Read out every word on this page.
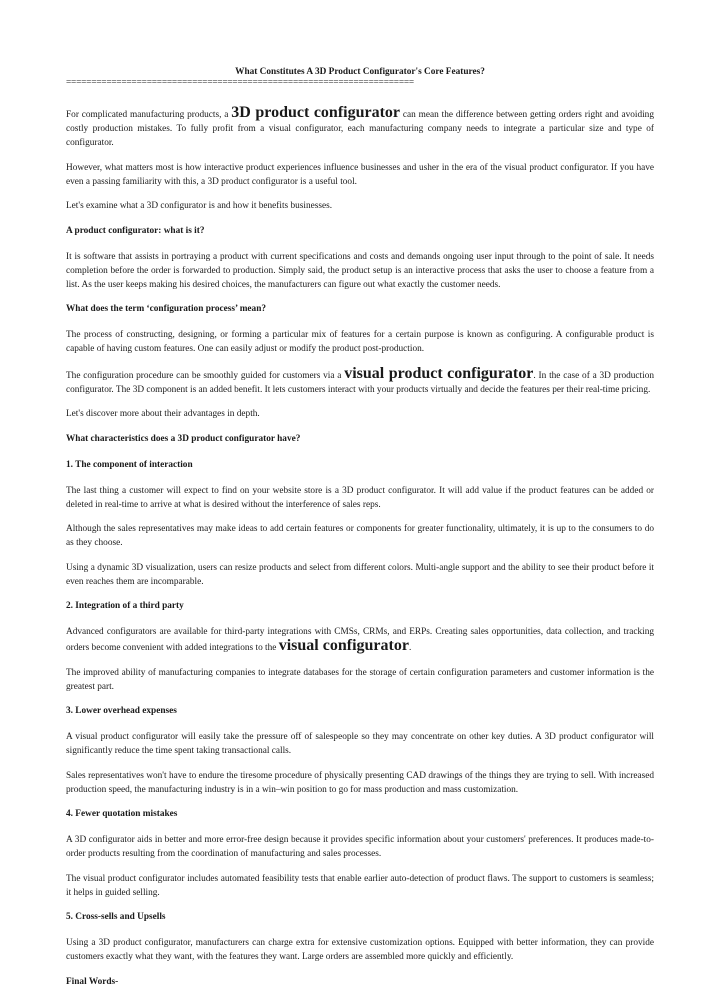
What Constitutes A 3D Product Configurator's Core Features?

=====================================================================

For complicated manufacturing products, a 3D product configurator can mean the difference between getting orders right and avoiding costly production mistakes. To fully profit from a visual configurator, each manufacturing company needs to integrate a particular size and type of configurator.

However, what matters most is how interactive product experiences influence businesses and usher in the era of the visual product configurator. If you have even a passing familiarity with this, a 3D product configurator is a useful tool.

Let's examine what a 3D configurator is and how it benefits businesses.

A product configurator: what is it?

It is software that assists in portraying a product with current specifications and costs and demands ongoing user input through to the point of sale. It needs completion before the order is forwarded to production. Simply said, the product setup is an interactive process that asks the user to choose a feature from a list. As the user keeps making his desired choices, the manufacturers can figure out what exactly the customer needs.

What does the term ‘configuration process’ mean?

The process of constructing, designing, or forming a particular mix of features for a certain purpose is known as configuring. A configurable product is capable of having custom features. One can easily adjust or modify the product post-production.

The configuration procedure can be smoothly guided for customers via a visual product configurator. In the case of a 3D production configurator. The 3D component is an added benefit. It lets customers interact with your products virtually and decide the features per their real-time pricing.

Let's discover more about their advantages in depth.

What characteristics does a 3D product configurator have?

1. The component of interaction

The last thing a customer will expect to find on your website store is a 3D product configurator. It will add value if the product features can be added or deleted in real-time to arrive at what is desired without the interference of sales reps.

Although the sales representatives may make ideas to add certain features or components for greater functionality, ultimately, it is up to the consumers to do as they choose.

Using a dynamic 3D visualization, users can resize products and select from different colors. Multi-angle support and the ability to see their product before it even reaches them are incomparable.

2. Integration of a third party

Advanced configurators are available for third-party integrations with CMSs, CRMs, and ERPs. Creating sales opportunities, data collection, and tracking orders become convenient with added integrations to the visual configurator.

The improved ability of manufacturing companies to integrate databases for the storage of certain configuration parameters and customer information is the greatest part.

3. Lower overhead expenses

A visual product configurator will easily take the pressure off of salespeople so they may concentrate on other key duties. A 3D product configurator will significantly reduce the time spent taking transactional calls.

Sales representatives won't have to endure the tiresome procedure of physically presenting CAD drawings of the things they are trying to sell. With increased production speed, the manufacturing industry is in a win–win position to go for mass production and mass customization.

4. Fewer quotation mistakes

A 3D configurator aids in better and more error-free design because it provides specific information about your customers' preferences. It produces made-to-order products resulting from the coordination of manufacturing and sales processes.

The visual product configurator includes automated feasibility tests that enable earlier auto-detection of product flaws. The support to customers is seamless; it helps in guided selling.

5. Cross-sells and Upsells

Using a 3D product configurator, manufacturers can charge extra for extensive customization options. Equipped with better information, they can provide customers exactly what they want, with the features they want. Large orders are assembled more quickly and efficiently.

Final Words-
